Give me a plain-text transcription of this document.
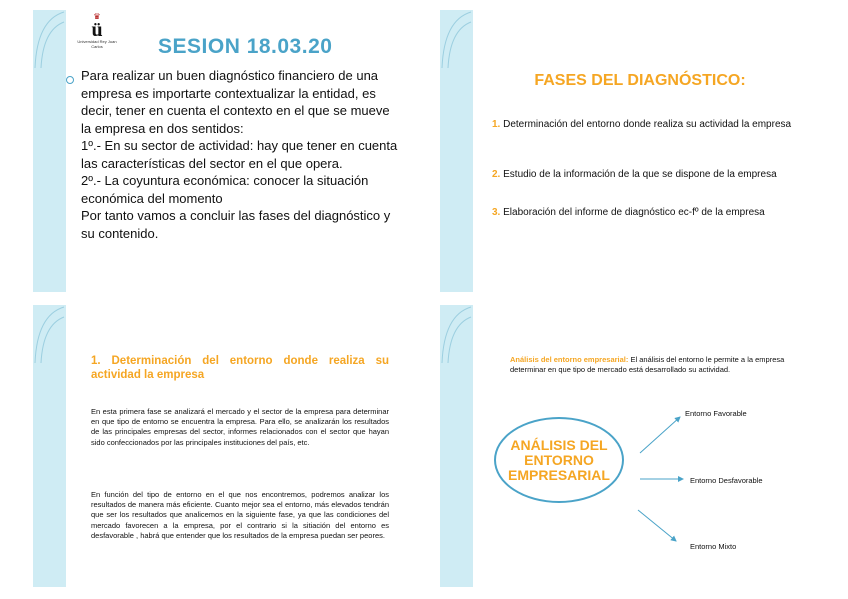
♛
ü
Universidad Rey Juan Carlos	SESION 18.03.20

Para realizar un buen diagnóstico financiero de una empresa es importarte contextualizar la entidad, es decir, tener en cuenta el contexto en el que se mueve la empresa en dos sentidos:

1º.- En su sector de actividad: hay que tener en cuenta las características del sector en el que opera.

2º.- La coyuntura económica: conocer la situación económica del momento

Por tanto vamos a concluir las fases del diagnóstico y su contenido.

FASES DEL DIAGNÓSTICO:
1. Determinación del entorno donde realiza su actividad la empresa
2. Estudio de la información de la que se dispone de la empresa
3. Elaboración del informe de diagnóstico ec-fº de la empresa
1. Determinación del entorno donde realiza su actividad la empresa
En esta primera fase se analizará el mercado y el sector de la empresa para determinar en que tipo de entorno se encuentra la empresa. Para ello, se analizarán los resultados de las principales empresas del sector, informes relacionados con el sector que hayan sido confeccionados por las principales instituciones del país, etc.
En función del tipo de entorno en el que nos encontremos, podremos analizar los resultados de manera más eficiente. Cuanto mejor sea el entorno, más elevados tendrán que ser los resultados que analicemos en la siguiente fase, ya que las condiciones del mercado favorecen a la empresa, por el contrario si la sitiación del entorno es desfavorable , habrá que entender que los resultados de la empresa puedan ser peores.
Análisis del entorno empresarial: El análisis del entorno le permite a la empresa determinar en que tipo de mercado está desarrollado su actividad.
ANÁLISIS DEL
ENTORNO
EMPRESARIAL
Entorno Favorable
Entorno Desfavorable
Entorno Mixto
